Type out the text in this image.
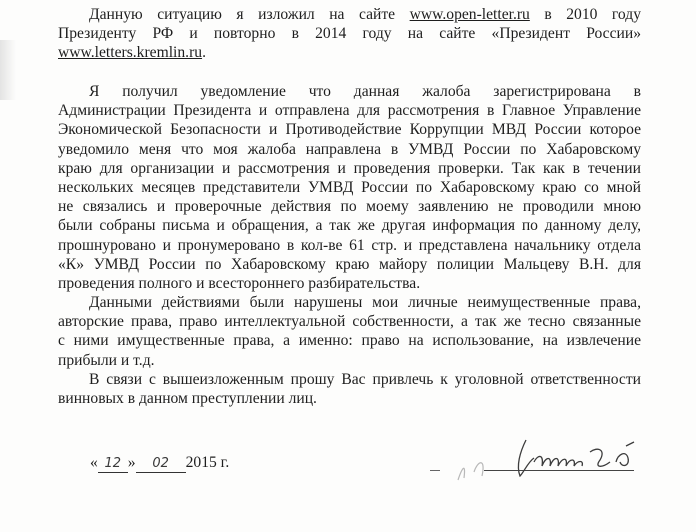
Данную ситуацию я изложил на сайте www.open-letter.ru в 2010 году
Президенту РФ и повторно в 2014 году на сайте «Президент России»
www.letters.kremlin.ru.
Я получил уведомление что данная жалоба зарегистрирована в
Администрации Президента и отправлена для рассмотрения в Главное Управление
Экономической Безопасности и Противодействие Коррупции МВД России которое
уведомило меня что моя жалоба направлена в УМВД России по Хабаровскому
краю для организации и рассмотрения и проведения проверки. Так как в течении
нескольких месяцев представители УМВД России по Хабаровскому краю со мной
не связались и проверочные действия по моему заявлению не проводили мною
были собраны письма и обращения, а так же другая информация по данному делу,
прошнуровано и пронумеровано в кол-ве 61 стр. и представлена начальнику отдела
«К» УМВД России по Хабаровскому краю майору полиции Мальцеву В.Н. для
проведения полного и всестороннего разбирательства.
Данными действиями были нарушены мои личные неимущественные права,
авторские права, право интеллектуальной собственности, а так же тесно связанные
с ними имущественные права, а именно: право на использование, на извлечение
прибыли и т.д.
В связи с вышеизложенным прошу Вас привлечь к уголовной ответственности
винновых в данном преступлении лиц.
« 12 » 02 2015 г.
